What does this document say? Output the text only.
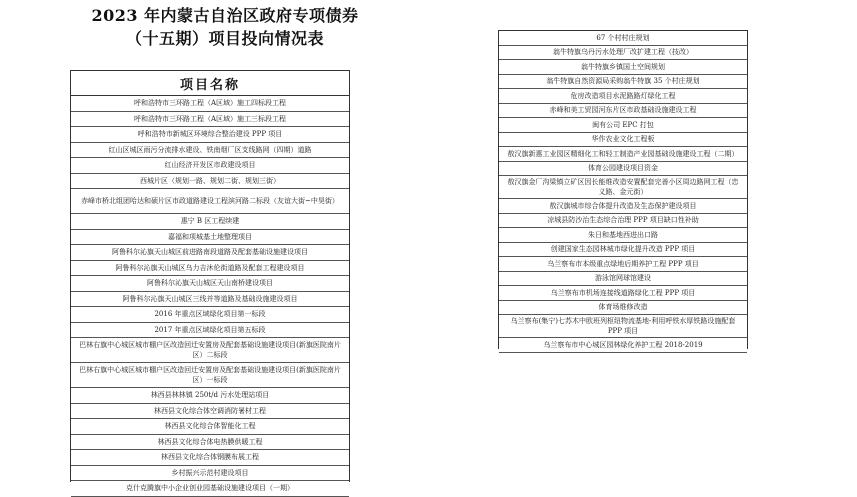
2023 年内蒙古自治区政府专项债券
（十五期）项目投向情况表
项目名称
呼和浩特市三环路工程（A区域）施工四标段工程
呼和浩特市三环路工程（A区域）施工三标段工程
呼和浩特市新城区环境综合整治建设 PPP 项目
红山区城区雨污分流排水建设、铁南烟厂区支线路网（四期）道路
红山经济开发区市政建设项目
西城片区（规划一路、规划二街、规划三街）
赤峰市桥北组团哈达和硕片区市政道路建设工程滨河路二标段（友谊大街~中昊街）
惠宁 B 区工程续建
嘉福和项城基土地整理项目
阿鲁科尔沁旗天山城区前进路南段道路及配套基础设施建设项目
阿鲁科尔沁旗天山城区乌力吉沐伦街道路及配套工程建设项目
阿鲁科尔沁旗天山城区天山南桥建设项目
阿鲁科尔沁旗天山城区三线并等道路及基础设施建设项目
2016 年重点区域绿化项目第一标段
2017 年重点区域绿化项目第五标段
巴林右旗中心城区城市棚户区改造回迁安置房及配套基础设施建设项目(新旗医院南片区）二标段
巴林右旗中心城区城市棚户区改造回迁安置房及配套基础设施建设项目(新旗医院南片区）一标段
林西县林林镇 250t/d 污水处理站项目
林西县文化综合体空调消防暑材工程
林西县文化综合体智能化工程
林西县文化综合体电热膜供暖工程
林西县文化综合体钢膜布展工程
乡村振兴示范村建设项目
克什克腾旗中小企业创业园基础设施建设项目（一期）
67 个村村庄规划
翁牛特旗乌丹污水处理厂改扩建工程（技改）
翁牛特旗乡镇国土空间规划
翁牛特旗自然资源局采购翁牛特旗 35 个村庄规划
危房改造项目水泥路路灯绿化工程
赤峰和美工贸园河东片区市政基础设施建设工程
闽有公司 EPC 打包
华作农业文化工程板
敖汉旗新惠工业园区精细化工和轻工制造产业园基础设施建设工程（二期）
体育公园建设项目资金
敖汉旗金厂沟梁镇立矿区因长能维改造安置配套完善小区周边路网工程（忠义路、金元街）
敖汉旗城市综合体提升改造及生态保护建设项目
凉城县防沙治生态综合治理 PPP 项目缺口性补助
朱日和基地西进出口路
创建国家生态园林城市绿化提升改造 PPP 项目
乌兰察布市本级重点绿地后期养护工程 PPP 项目
游泳馆网球馆建设
乌兰察布市机场连接线道路绿化工程 PPP 项目
体育场维修改造
乌兰察布(集宁)七苏木中欧班列枢纽物流基地-利用呼铁水厚铁路设施配套 PPP 项目
乌兰察布市中心城区园林绿化养护工程 2018-2019
